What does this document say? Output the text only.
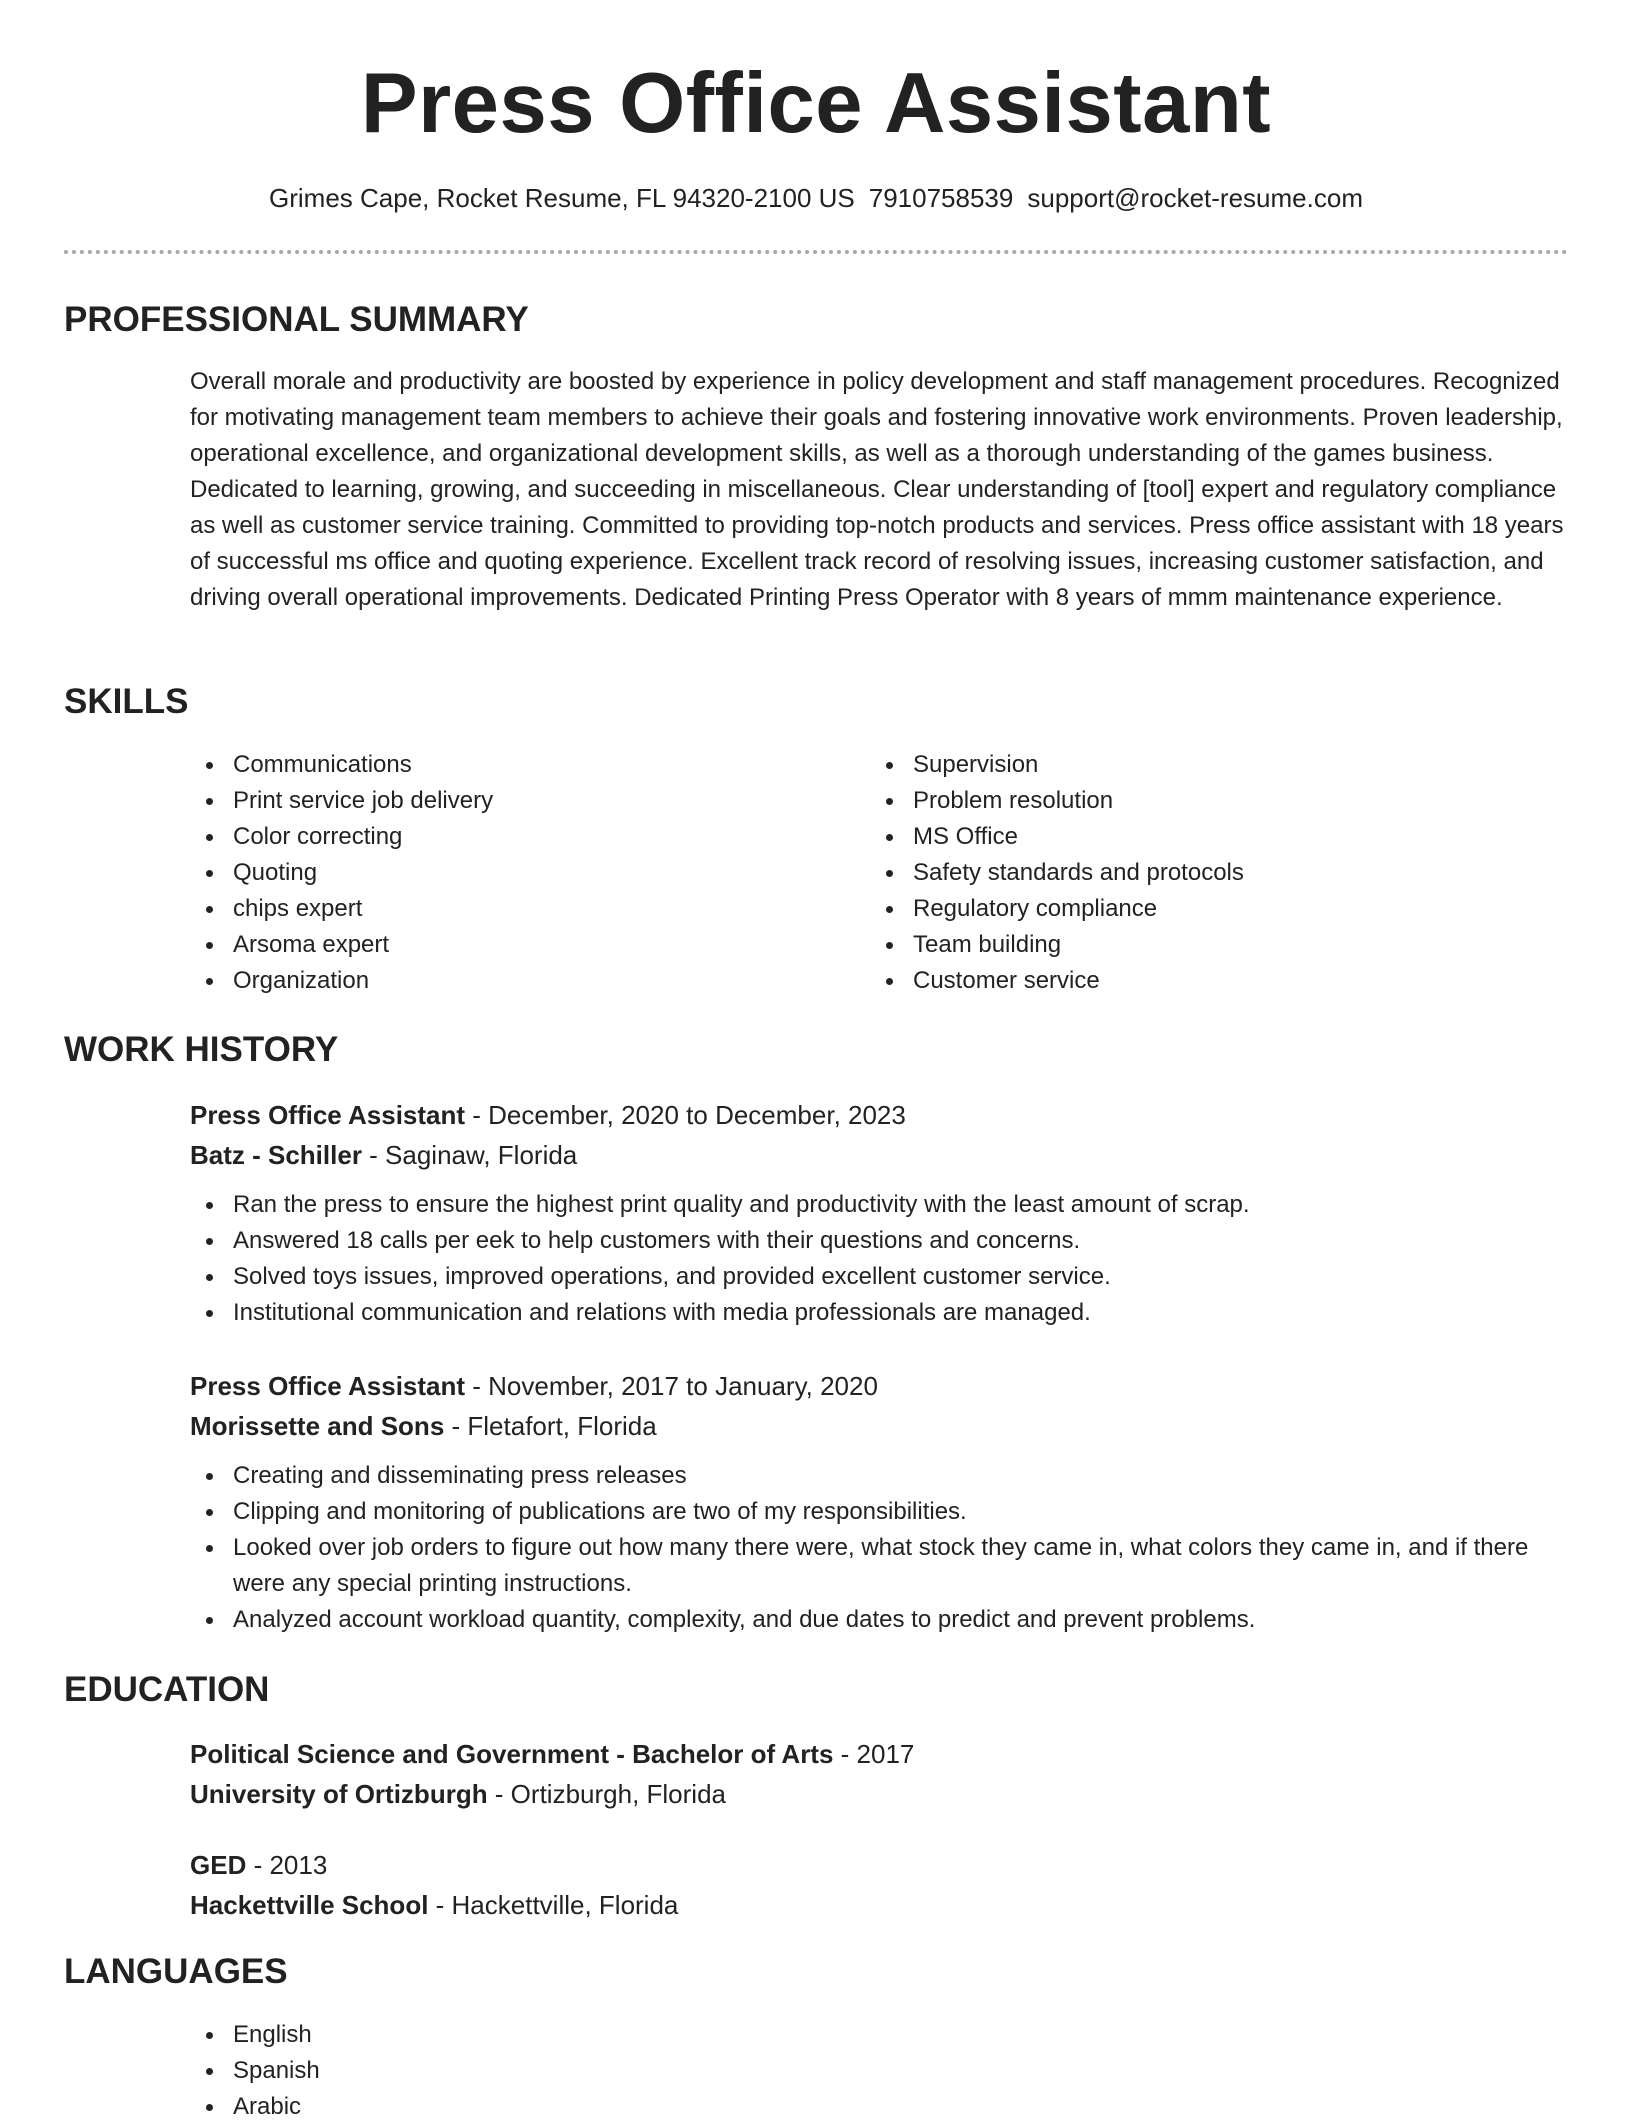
Press Office Assistant
Grimes Cape, Rocket Resume, FL 94320-2100 US 7910758539 support@rocket-resume.com
PROFESSIONAL SUMMARY

Overall morale and productivity are boosted by experience in policy development and staff management procedures. Recognized for motivating management team members to achieve their goals and fostering innovative work environments. Proven leadership, operational excellence, and organizational development skills, as well as a thorough understanding of the games business. Dedicated to learning, growing, and succeeding in miscellaneous. Clear understanding of [tool] expert and regulatory compliance as well as customer service training. Committed to providing top-notch products and services. Press office assistant with 18 years of successful ms office and quoting experience. Excellent track record of resolving issues, increasing customer satisfaction, and driving overall operational improvements. Dedicated Printing Press Operator with 8 years of mmm maintenance experience.

SKILLS
Communications
Print service job delivery
Color correcting
Quoting
chips expert
Arsoma expert
Organization
Supervision
Problem resolution
MS Office
Safety standards and protocols
Regulatory compliance
Team building
Customer service
WORK HISTORY

Press Office Assistant - December, 2020 to December, 2023

Batz - Schiller - Saginaw, Florida

Ran the press to ensure the highest print quality and productivity with the least amount of scrap.
Answered 18 calls per eek to help customers with their questions and concerns.
Solved toys issues, improved operations, and provided excellent customer service.
Institutional communication and relations with media professionals are managed.

Press Office Assistant - November, 2017 to January, 2020

Morissette and Sons - Fletafort, Florida

Creating and disseminating press releases
Clipping and monitoring of publications are two of my responsibilities.
Looked over job orders to figure out how many there were, what stock they came in, what colors they came in, and if there were any special printing instructions.
Analyzed account workload quantity, complexity, and due dates to predict and prevent problems.
EDUCATION

Political Science and Government - Bachelor of Arts - 2017

University of Ortizburgh - Ortizburgh, Florida

GED - 2013

Hackettville School - Hackettville, Florida

LANGUAGES
English
Spanish
Arabic
